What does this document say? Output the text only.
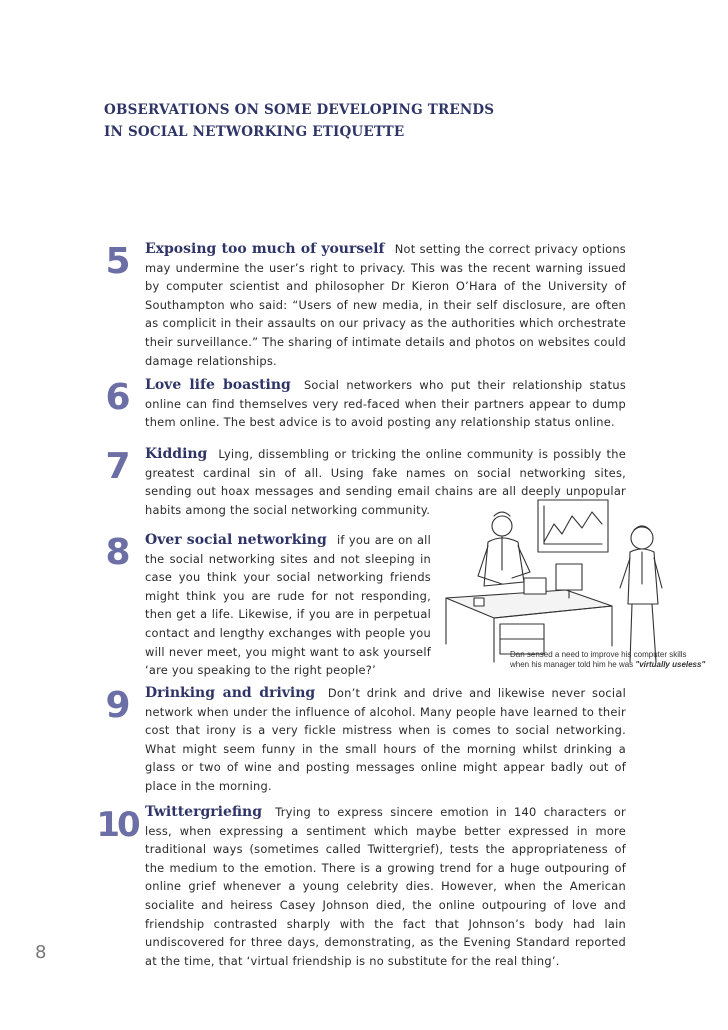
OBSERVATIONS ON SOME DEVELOPING TRENDS
IN SOCIAL NETWORKING ETIQUETTE
5	Exposing too much of yourself Not setting the correct privacy options may undermine the user’s right to privacy. This was the recent warning issued by computer scientist and philosopher Dr Kieron O’Hara of the University of Southampton who said: “Users of new media, in their self disclosure, are often as complicit in their assaults on our privacy as the authorities which orchestrate their surveillance.” The sharing of intimate details and photos on websites could damage relationships.
6	Love life boasting Social networkers who put their relationship status online can find themselves very red-faced when their partners appear to dump them online. The best advice is to avoid posting any relationship status online.
7	Kidding Lying, dissembling or tricking the online community is possibly the greatest cardinal sin of all. Using fake names on social networking sites, sending out hoax messages and sending email chains are all deeply unpopular habits among the social networking community.
8	Over social networking if you are on all the social networking sites and not sleeping in case you think your social networking friends might think you are rude for not responding, then get a life. Likewise, if you are in perpetual contact and lengthy exchanges with people you will never meet, you might want to ask yourself ‘are you speaking to the right people?’
Dan sensed a need to improve his computer skills
when his manager told him he was "virtually useless"
9	Drinking and driving Don’t drink and drive and likewise never social network when under the influence of alcohol. Many people have learned to their cost that irony is a very fickle mistress when is comes to social networking. What might seem funny in the small hours of the morning whilst drinking a glass or two of wine and posting messages online might appear badly out of place in the morning.
10 Twittergriefing Trying to express sincere emotion in 140 characters or less, when expressing a sentiment which maybe better expressed in more traditional ways (sometimes called Twittergrief), tests the appropriateness of the medium to the emotion. There is a growing trend for a huge outpouring of online grief whenever a young celebrity dies. However, when the American socialite and heiress Casey Johnson died, the online outpouring of love and friendship contrasted sharply with the fact that Johnson’s body had lain undiscovered for three days, demonstrating, as the Evening Standard reported at the time, that ‘virtual friendship is no substitute for the real thing’.
8
